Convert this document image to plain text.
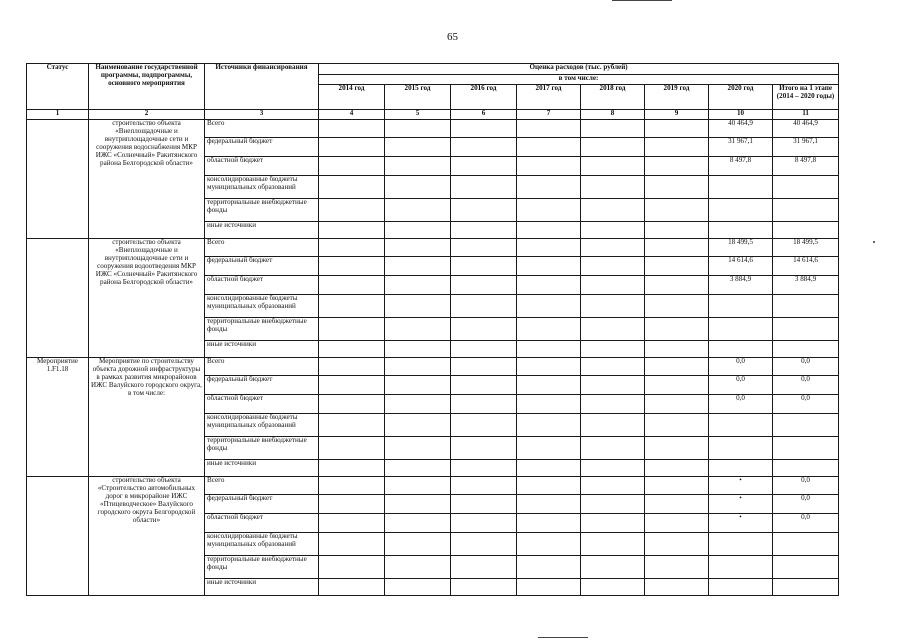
65
Статус	Наименование государственной программы, подпрограммы, основного мероприятия	Источники финансирования	Оценка расходов (тыс. рублей)							
			в том числе:							
			2014 год	2015 год	2016 год	2017 год	2018 год	2019 год	2020 год	Итого на 1 этапе (2014 – 2020 годы)
1	2	3	4	5	6	7	8	9	10	11
	строительство объекта «Внеплощадочные и внутриплощадочные сети и сооружения водоснабжения МКР ИЖС «Солнечный» Ракитянского района Белгородской области»	Всего							40 464,9	40 464,9
		федеральный бюджет							31 967,1	31 967,1
		областной бюджет							8 497,8	8 497,8
		консолидированные бюджеты муниципальных образований								
		территориальные внебюджетные фонды								
		иные источники								
	строительство объекта «Внеплощадочные и внутриплощадочные сети и сооружения водоотведения МКР ИЖС «Солнечный» Ракитянского района Белгородской области»	Всего							18 499,5	18 499,5
		федеральный бюджет							14 614,6	14 614,6
		областной бюджет							3 884,9	3 884,9
		консолидированные бюджеты муниципальных образований								
		территориальные внебюджетные фонды								
		иные источники								
Мероприятие 1.F1.18	Мероприятие по строительству объекта дорожной инфраструктуры в рамках развития микрорайонов ИЖС Валуйского городского округа, в том числе:	Всего							0,0	0,0
		федеральный бюджет							0,0	0,0
		областной бюджет							0,0	0,0
		консолидированные бюджеты муниципальных образований								
		территориальные внебюджетные фонды								
		иные источники								
	строительство объекта «Строительство автомобильных дорог в микрорайоне ИЖС «Птицеводческое» Валуйского городского округа Белгородской области»	Всего							•	0,0
		федеральный бюджет							•	0,0
		областной бюджет							•	0,0
		консолидированные бюджеты муниципальных образований								
		территориальные внебюджетные фонды								
		иные источники								
